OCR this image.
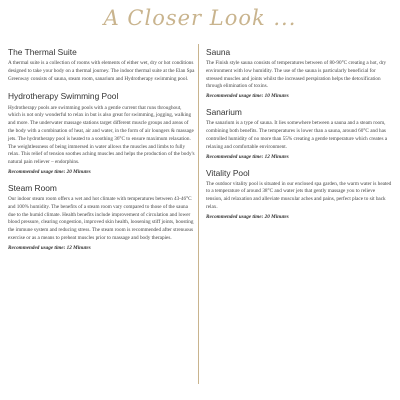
A Closer Look ...
The Thermal Suite
A thermal suite is a collection of rooms with elements of either wet, dry or hot conditions designed to take your body on a thermal journey. The indoor thermal suite at the Elan Spa Greenway consists of sauna, steam room, sanarium and Hydrotherapy swimming pool.
Hydrotherapy Swimming Pool
Hydrotherapy pools are swimming pools with a gentle current that runs throughout, which is not only wonderful to relax in but is also great for swimming, jogging, walking and more. The underwater massage stations target different muscle groups and areas of the body with a combination of heat, air and water, in the form of air loungers & massage jets. The hydrotherapy pool is heated to a soothing 36°C to ensure maximum relaxation. The weightlessness of being immersed in water allows the muscles and limbs to fully relax. This relief of tension soothes aching muscles and helps the production of the body's natural pain reliever – endorphins.
Recommended usage time: 20 Minutes
Steam Room
Our indoor steam room offers a wet and hot climate with temperatures between 43-46°C and 100% humidity. The benefits of a steam room vary compared to those of the sauna due to the humid climate. Health benefits include improvement of circulation and lower blood pressure, clearing congestion, improved skin health, loosening stiff joints, boosting the immune system and reducing stress. The steam room is recommended after strenuous exercise or as a means to preheat muscles prior to massage and body therapies.
Recommended usage time: 12 Minutes
Sauna
The Finish style sauna consists of temperatures between of 80-90°C creating a hot, dry environment with low humidity. The use of the sauna is particularly beneficial for stressed muscles and joints whilst the increased perspiration helps the detoxification through elimination of toxins.
Recommended usage time: 10 Minutes
Sanarium
The sanarium is a type of sauna. It lies somewhere between a sauna and a steam room, combining both benefits. The temperatures is lower than a sauna, around 60°C and has controlled humidity of no more than 55% creating a gentle temperature which creates a relaxing and comfortable environment.
Recommended usage time: 12 Minutes
Vitality Pool
The outdoor vitality pool is situated in our enclosed spa garden, the warm water is heated to a temperature of around 38°C and water jets that gently massage you to relieve tension, aid relaxation and alleviate muscular aches and pains, perfect place to sit back relax.
Recommended usage time: 20 Minutes
